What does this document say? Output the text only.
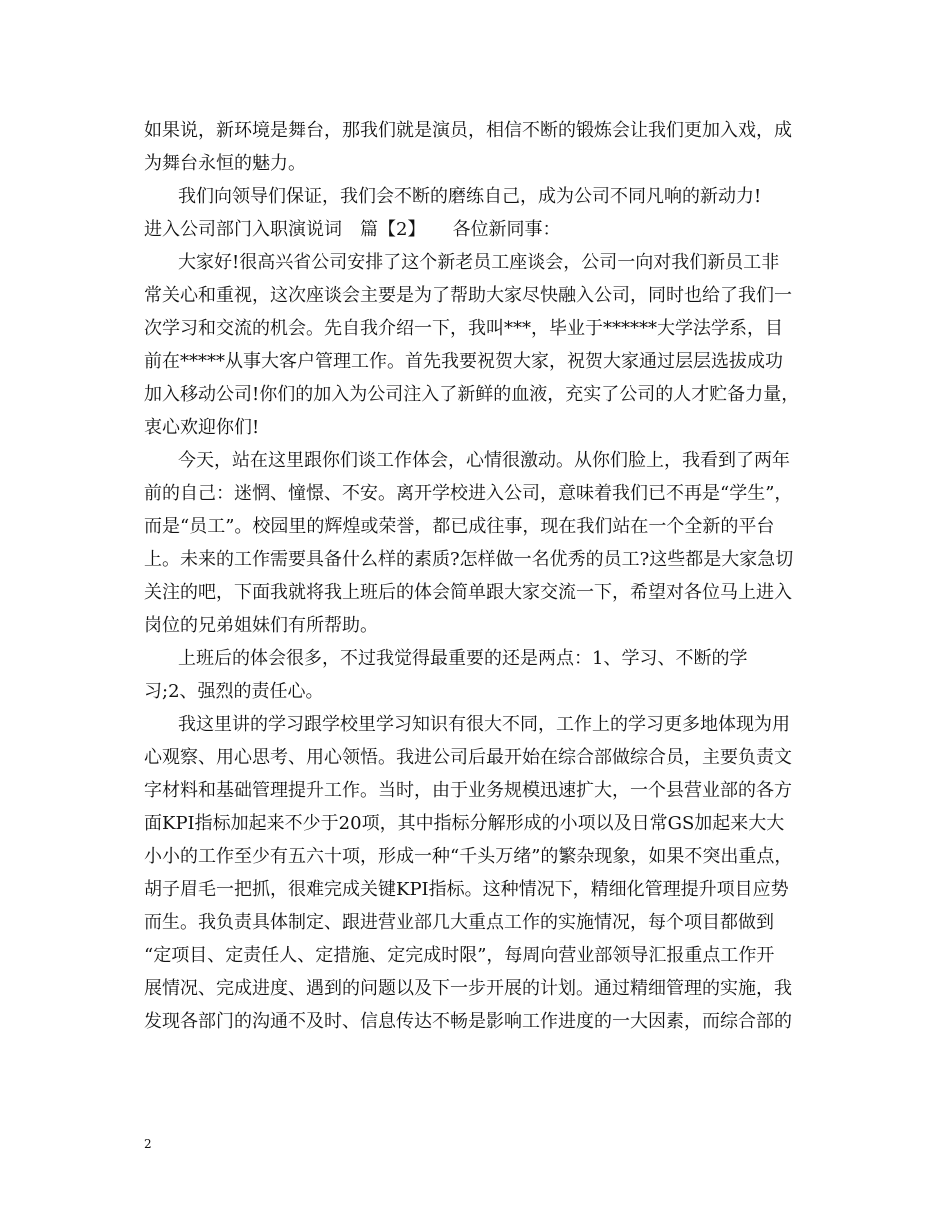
如果说，新环境是舞台，那我们就是演员，相信不断的锻炼会让我们更加入戏，成
为舞台永恒的魅力。
我们向领导们保证，我们会不断的磨练自己，成为公司不同凡响的新动力!
进入公司部门入职演说词　篇【2】　　各位新同事：
大家好!很高兴省公司安排了这个新老员工座谈会，公司一向对我们新员工非
常关心和重视，这次座谈会主要是为了帮助大家尽快融入公司，同时也给了我们一
次学习和交流的机会。先自我介绍一下，我叫***，毕业于******大学法学系，目
前在*****从事大客户管理工作。首先我要祝贺大家，祝贺大家通过层层选拔成功
加入移动公司!你们的加入为公司注入了新鲜的血液，充实了公司的人才贮备力量，
衷心欢迎你们!
今天，站在这里跟你们谈工作体会，心情很激动。从你们脸上，我看到了两年
前的自己：迷惘、憧憬、不安。离开学校进入公司，意味着我们已不再是“学生”，
而是“员工”。校园里的辉煌或荣誉，都已成往事，现在我们站在一个全新的平台
上。未来的工作需要具备什么样的素质?怎样做一名优秀的员工?这些都是大家急切
关注的吧，下面我就将我上班后的体会简单跟大家交流一下，希望对各位马上进入
岗位的兄弟姐妹们有所帮助。
上班后的体会很多，不过我觉得最重要的还是两点：1、学习、不断的学
习;2、强烈的责任心。
我这里讲的学习跟学校里学习知识有很大不同，工作上的学习更多地体现为用
心观察、用心思考、用心领悟。我进公司后最开始在综合部做综合员，主要负责文
字材料和基础管理提升工作。当时，由于业务规模迅速扩大，一个县营业部的各方
面KPI指标加起来不少于20项，其中指标分解形成的小项以及日常GS加起来大大
小小的工作至少有五六十项，形成一种“千头万绪”的繁杂现象，如果不突出重点，
胡子眉毛一把抓，很难完成关键KPI指标。这种情况下，精细化管理提升项目应势
而生。我负责具体制定、跟进营业部几大重点工作的实施情况，每个项目都做到
“定项目、定责任人、定措施、定完成时限”，每周向营业部领导汇报重点工作开
展情况、完成进度、遇到的问题以及下一步开展的计划。通过精细管理的实施，我
发现各部门的沟通不及时、信息传达不畅是影响工作进度的一大因素，而综合部的
2
